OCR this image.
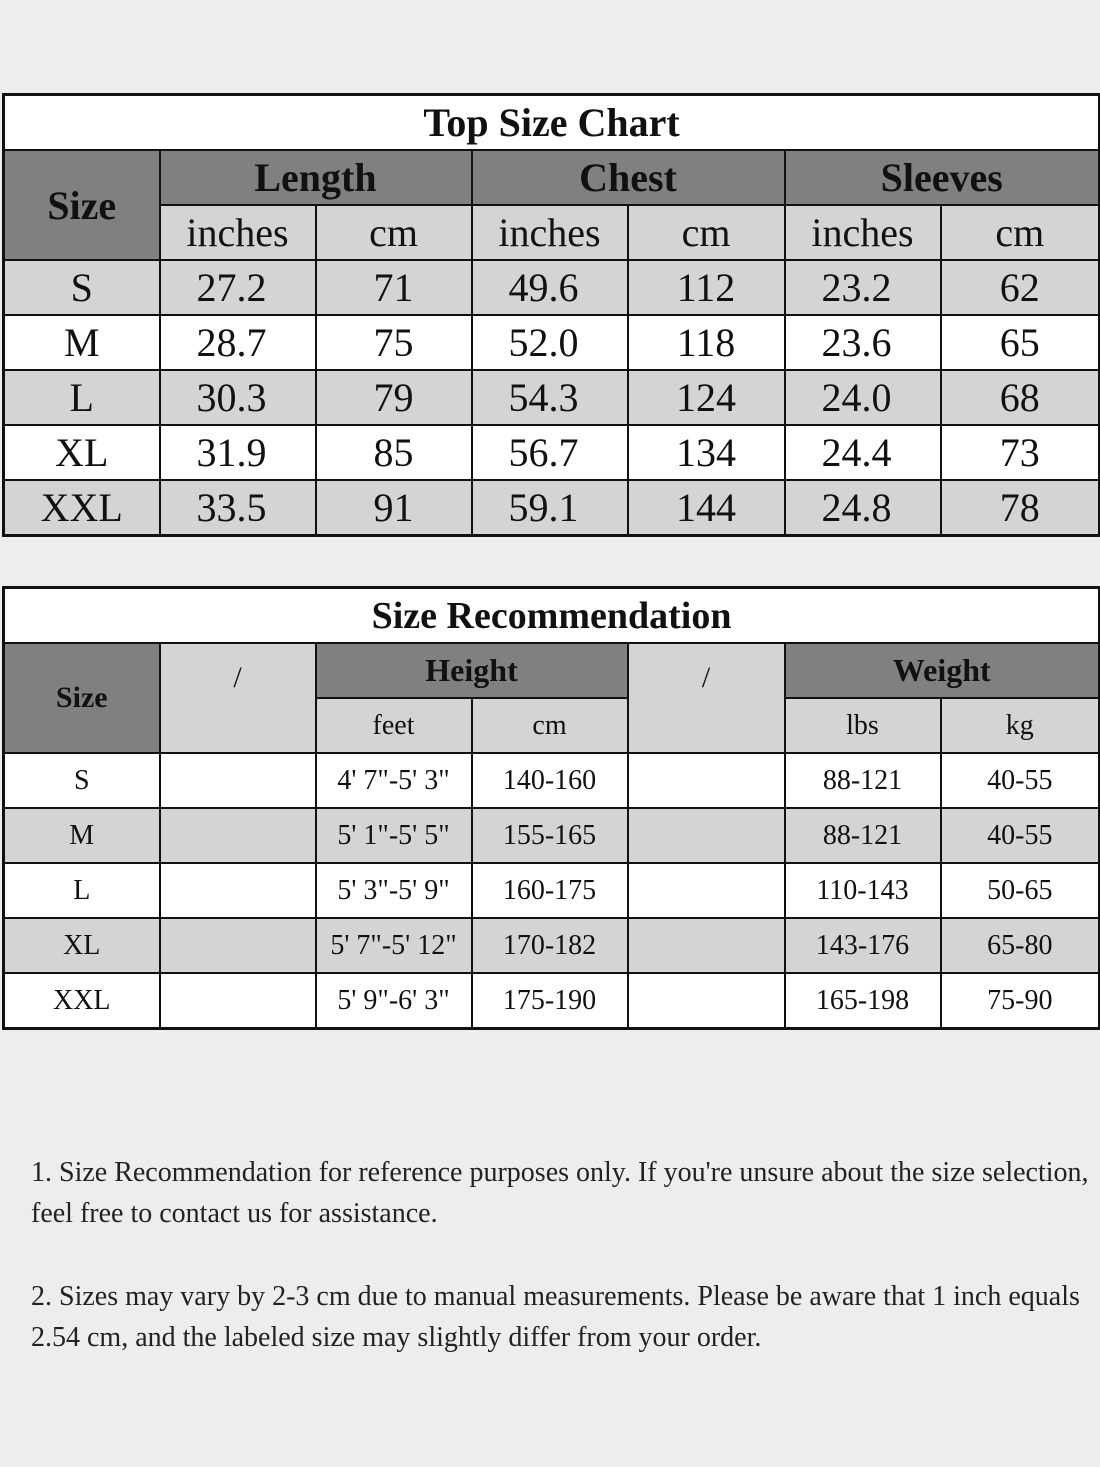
Top Size Chart						
Size	Length		Chest		Sleeves	
	inches	cm	inches	cm	inches	cm
S	27.2	71	49.6	112	23.2	62
M	28.7	75	52.0	118	23.6	65
L	30.3	79	54.3	124	24.0	68
XL	31.9	85	56.7	134	24.4	73
XXL	33.5	91	59.1	144	24.8	78
Size Recommendation						
Size	/	Height		/	Weight	
		feet	cm		lbs	kg
S		4' 7"-5' 3"	140-160		88-121	40-55
M		5' 1"-5' 5"	155-165		88-121	40-55
L		5' 3"-5' 9"	160-175		110-143	50-65
XL		5' 7"-5' 12"	170-182		143-176	65-80
XXL		5' 9"-6' 3"	175-190		165-198	75-90

1. Size Recommendation for reference purposes only. If you're unsure about the size selection, feel free to contact us for assistance.

2. Sizes may vary by 2-3 cm due to manual measurements. Please be aware that 1 inch equals 2.54 cm, and the labeled size may slightly differ from your order.
